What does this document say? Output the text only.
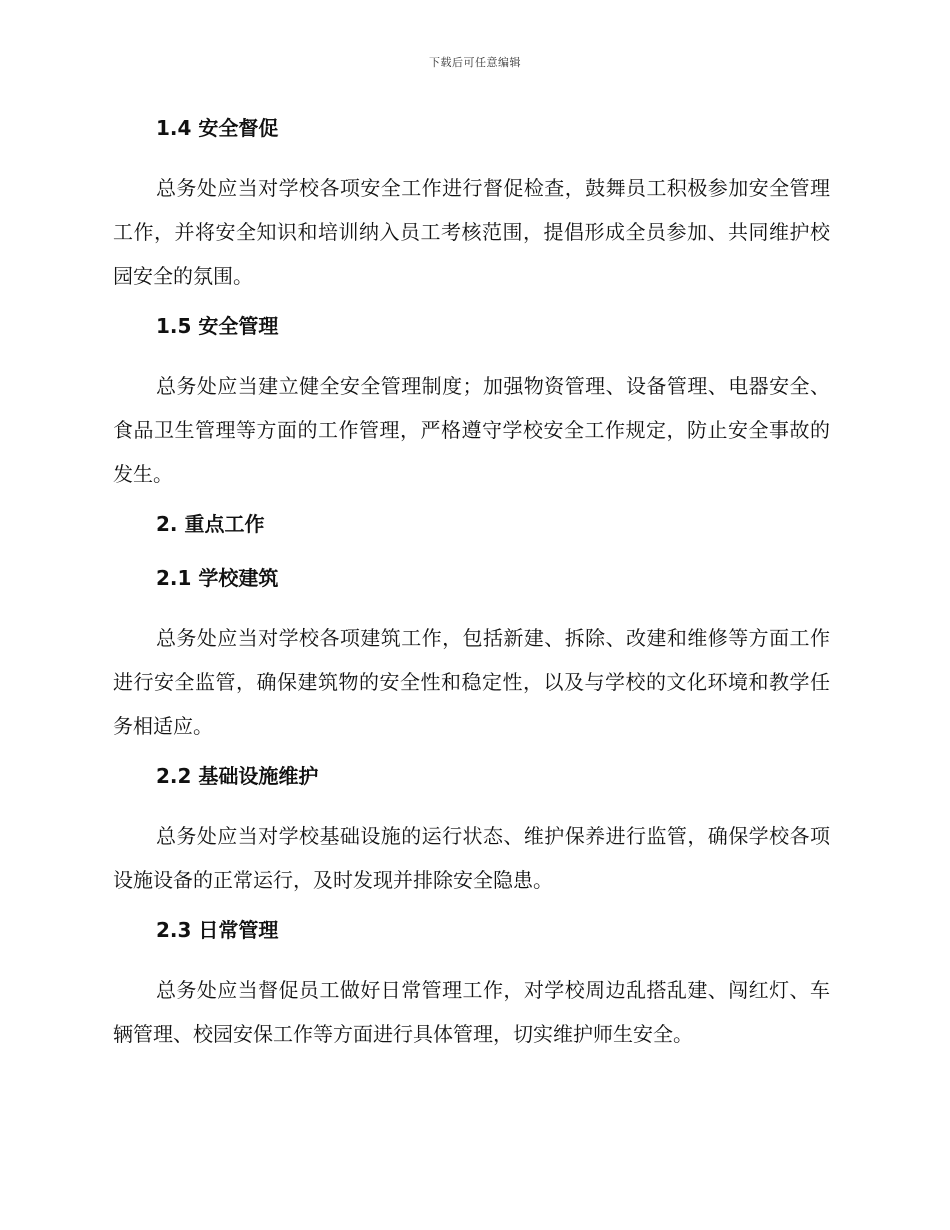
下载后可任意编辑
1.4 安全督促

总务处应当对学校各项安全工作进行督促检查，鼓舞员工积极参加安全管理工作，并将安全知识和培训纳入员工考核范围，提倡形成全员参加、共同维护校园安全的氛围。

1.5 安全管理

总务处应当建立健全安全管理制度；加强物资管理、设备管理、电器安全、食品卫生管理等方面的工作管理，严格遵守学校安全工作规定，防止安全事故的发生。

2. 重点工作
2.1 学校建筑

总务处应当对学校各项建筑工作，包括新建、拆除、改建和维修等方面工作进行安全监管，确保建筑物的安全性和稳定性，以及与学校的文化环境和教学任务相适应。

2.2 基础设施维护

总务处应当对学校基础设施的运行状态、维护保养进行监管，确保学校各项设施设备的正常运行，及时发现并排除安全隐患。

2.3 日常管理

总务处应当督促员工做好日常管理工作，对学校周边乱搭乱建、闯红灯、车辆管理、校园安保工作等方面进行具体管理，切实维护师生安全。
